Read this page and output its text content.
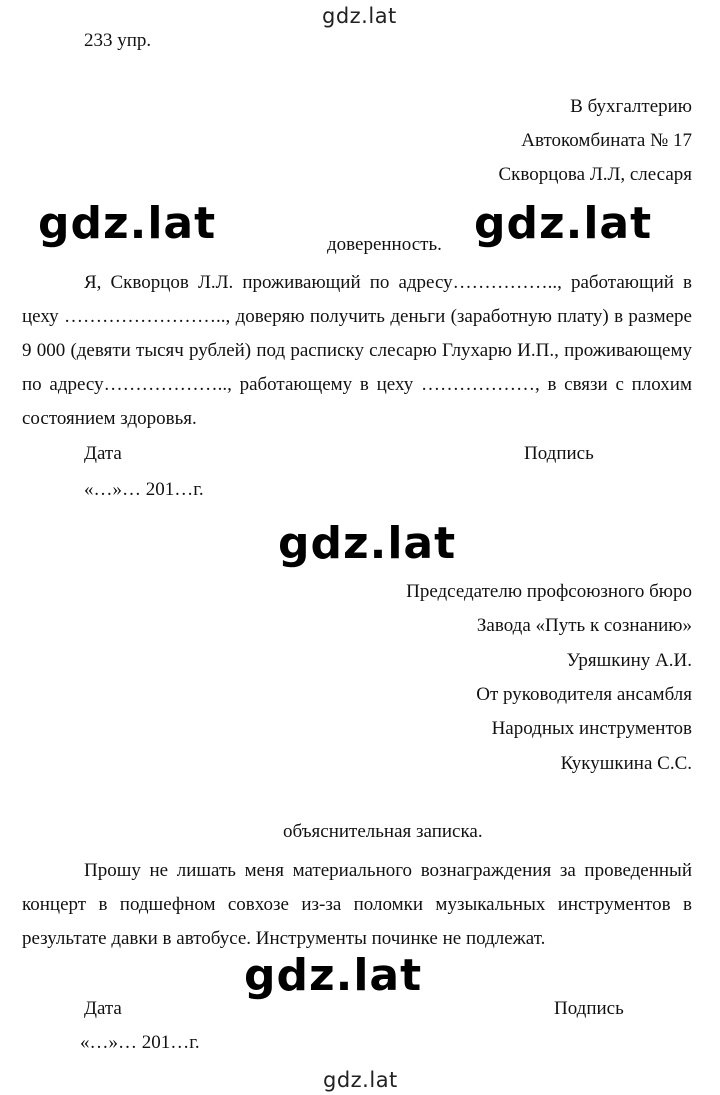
gdz.lat
gdz.lat	gdz.lat
gdz.lat
gdz.lat
gdz.lat
233 упр.
В бухгалтерию
Автокомбината № 17
Скворцова Л.Л, слесаря
доверенность.

Я, Скворцов Л.Л. проживающий по адресу…………….., работающий в цеху …………………….., доверяю получить деньги (заработную плату) в размере 9 000 (девяти тысяч рублей) под расписку слесарю Глухарю И.П., проживающему по адресу……………….., работающему в цеху ………………, в связи с плохим состоянием здоровья.

Дата	Подпись
«…»… 201…г.
Председателю профсоюзного бюро
Завода «Путь к сознанию»
Уряшкину А.И.
От руководителя ансамбля
Народных инструментов
Кукушкина С.С.
объяснительная записка.

Прошу не лишать меня материального вознаграждения за проведенный концерт в подшефном совхозе из-за поломки музыкальных инструментов в результате давки в автобусе. Инструменты починке не подлежат.

Дата	Подпись
«…»… 201…г.
